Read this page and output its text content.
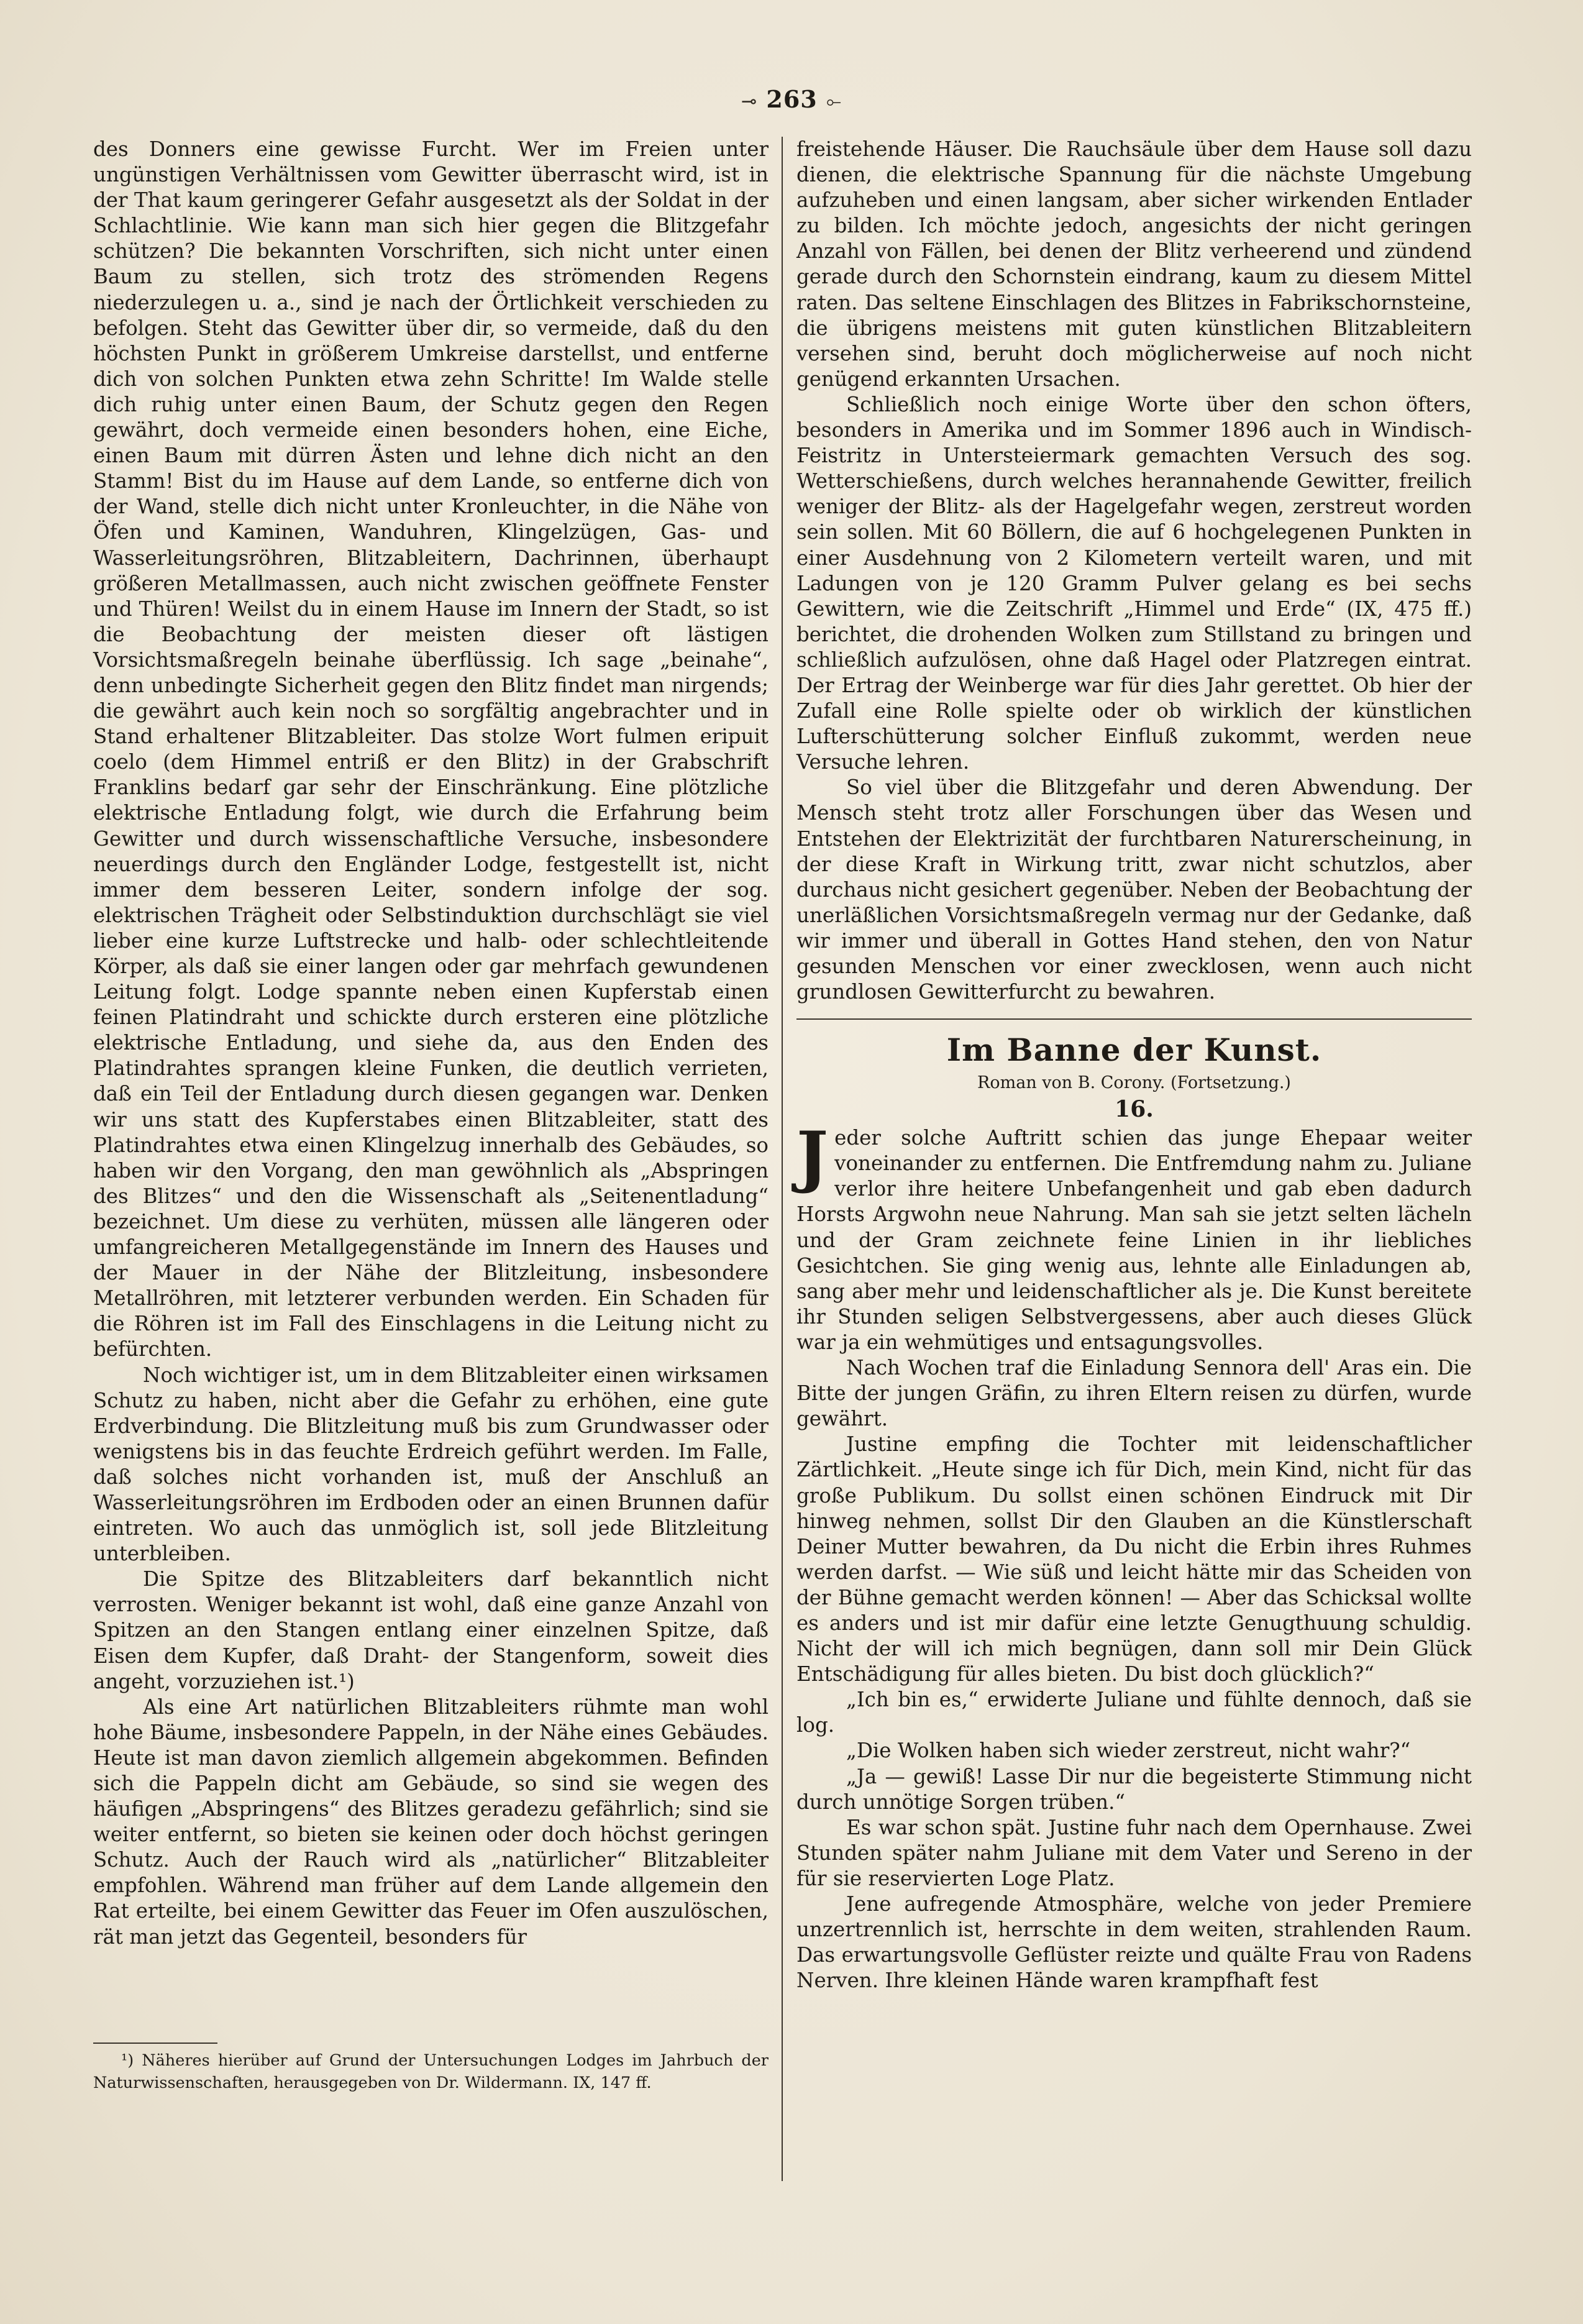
⊸ 263 ⟜

des Donners eine gewisse Furcht. Wer im Freien unter ungünstigen Verhältnissen vom Gewitter überrascht wird, ist in der That kaum geringerer Gefahr ausgesetzt als der Soldat in der Schlachtlinie. Wie kann man sich hier gegen die Blitzgefahr schützen? Die bekannten Vorschriften, sich nicht unter einen Baum zu stellen, sich trotz des strömenden Regens niederzulegen u. a., sind je nach der Örtlichkeit verschieden zu befolgen. Steht das Gewitter über dir, so vermeide, daß du den höchsten Punkt in größerem Umkreise darstellst, und entferne dich von solchen Punkten etwa zehn Schritte! Im Walde stelle dich ruhig unter einen Baum, der Schutz gegen den Regen gewährt, doch vermeide einen besonders hohen, eine Eiche, einen Baum mit dürren Ästen und lehne dich nicht an den Stamm! Bist du im Hause auf dem Lande, so entferne dich von der Wand, stelle dich nicht unter Kronleuchter, in die Nähe von Öfen und Kaminen, Wanduhren, Klingelzügen, Gas- und Wasserleitungsröhren, Blitzableitern, Dachrinnen, überhaupt größeren Metallmassen, auch nicht zwischen geöffnete Fenster und Thüren! Weilst du in einem Hause im Innern der Stadt, so ist die Beobachtung der meisten dieser oft lästigen Vorsichtsmaßregeln beinahe überflüssig. Ich sage „beinahe“, denn unbedingte Sicherheit gegen den Blitz findet man nirgends; die gewährt auch kein noch so sorgfältig angebrachter und in Stand erhaltener Blitzableiter. Das stolze Wort fulmen eripuit coelo (dem Himmel entriß er den Blitz) in der Grabschrift Franklins bedarf gar sehr der Einschränkung. Eine plötzliche elektrische Entladung folgt, wie durch die Erfahrung beim Gewitter und durch wissenschaftliche Versuche, insbesondere neuerdings durch den Engländer Lodge, festgestellt ist, nicht immer dem besseren Leiter, sondern infolge der sog. elektrischen Trägheit oder Selbstinduktion durchschlägt sie viel lieber eine kurze Luftstrecke und halb- oder schlechtleitende Körper, als daß sie einer langen oder gar mehrfach gewundenen Leitung folgt. Lodge spannte neben einen Kupferstab einen feinen Platindraht und schickte durch ersteren eine plötzliche elektrische Entladung, und siehe da, aus den Enden des Platindrahtes sprangen kleine Funken, die deutlich verrieten, daß ein Teil der Entladung durch diesen gegangen war. Denken wir uns statt des Kupferstabes einen Blitzableiter, statt des Platindrahtes etwa einen Klingelzug innerhalb des Gebäudes, so haben wir den Vorgang, den man gewöhnlich als „Abspringen des Blitzes“ und den die Wissenschaft als „Seitenentladung“ bezeichnet. Um diese zu verhüten, müssen alle längeren oder umfangreicheren Metallgegenstände im Innern des Hauses und der Mauer in der Nähe der Blitzleitung, insbesondere Metallröhren, mit letzterer verbunden werden. Ein Schaden für die Röhren ist im Fall des Einschlagens in die Leitung nicht zu befürchten.

Noch wichtiger ist, um in dem Blitzableiter einen wirksamen Schutz zu haben, nicht aber die Gefahr zu erhöhen, eine gute Erdverbindung. Die Blitzleitung muß bis zum Grundwasser oder wenigstens bis in das feuchte Erdreich geführt werden. Im Falle, daß solches nicht vorhanden ist, muß der Anschluß an Wasserleitungsröhren im Erdboden oder an einen Brunnen dafür eintreten. Wo auch das unmöglich ist, soll jede Blitzleitung unterbleiben.

Die Spitze des Blitzableiters darf bekanntlich nicht verrosten. Weniger bekannt ist wohl, daß eine ganze Anzahl von Spitzen an den Stangen entlang einer einzelnen Spitze, daß Eisen dem Kupfer, daß Draht- der Stangenform, soweit dies angeht, vorzuziehen ist.¹)

Als eine Art natürlichen Blitzableiters rühmte man wohl hohe Bäume, insbesondere Pappeln, in der Nähe eines Gebäudes. Heute ist man davon ziemlich allgemein abgekommen. Befinden sich die Pappeln dicht am Gebäude, so sind sie wegen des häufigen „Abspringens“ des Blitzes geradezu gefährlich; sind sie weiter entfernt, so bieten sie keinen oder doch höchst geringen Schutz. Auch der Rauch wird als „natürlicher“ Blitzableiter empfohlen. Während man früher auf dem Lande allgemein den Rat erteilte, bei einem Gewitter das Feuer im Ofen auszulöschen, rät man jetzt das Gegenteil, besonders für

¹) Näheres hierüber auf Grund der Untersuchungen Lodges im Jahrbuch der Naturwissenschaften, herausgegeben von Dr. Wildermann. IX, 147 ff.

freistehende Häuser. Die Rauchsäule über dem Hause soll dazu dienen, die elektrische Spannung für die nächste Umgebung aufzuheben und einen langsam, aber sicher wirkenden Entlader zu bilden. Ich möchte jedoch, angesichts der nicht geringen Anzahl von Fällen, bei denen der Blitz verheerend und zündend gerade durch den Schornstein eindrang, kaum zu diesem Mittel raten. Das seltene Einschlagen des Blitzes in Fabrikschornsteine, die übrigens meistens mit guten künstlichen Blitzableitern versehen sind, beruht doch möglicherweise auf noch nicht genügend erkannten Ursachen.

Schließlich noch einige Worte über den schon öfters, besonders in Amerika und im Sommer 1896 auch in Windisch-Feistritz in Untersteiermark gemachten Versuch des sog. Wetterschießens, durch welches herannahende Gewitter, freilich weniger der Blitz- als der Hagelgefahr wegen, zerstreut worden sein sollen. Mit 60 Böllern, die auf 6 hochgelegenen Punkten in einer Ausdehnung von 2 Kilometern verteilt waren, und mit Ladungen von je 120 Gramm Pulver gelang es bei sechs Gewittern, wie die Zeitschrift „Himmel und Erde“ (IX, 475 ff.) berichtet, die drohenden Wolken zum Stillstand zu bringen und schließlich aufzulösen, ohne daß Hagel oder Platzregen eintrat. Der Ertrag der Weinberge war für dies Jahr gerettet. Ob hier der Zufall eine Rolle spielte oder ob wirklich der künstlichen Lufterschütterung solcher Einfluß zukommt, werden neue Versuche lehren.

So viel über die Blitzgefahr und deren Abwendung. Der Mensch steht trotz aller Forschungen über das Wesen und Entstehen der Elektrizität der furchtbaren Naturerscheinung, in der diese Kraft in Wirkung tritt, zwar nicht schutzlos, aber durchaus nicht gesichert gegenüber. Neben der Beobachtung der unerläßlichen Vorsichtsmaßregeln vermag nur der Gedanke, daß wir immer und überall in Gottes Hand stehen, den von Natur gesunden Menschen vor einer zwecklosen, wenn auch nicht grundlosen Gewitterfurcht zu bewahren.

Im Banne der Kunst.

Roman von B. Corony. (Fortsetzung.)

16.

Jeder solche Auftritt schien das junge Ehepaar weiter voneinander zu entfernen. Die Entfremdung nahm zu. Juliane verlor ihre heitere Unbefangenheit und gab eben dadurch Horsts Argwohn neue Nahrung. Man sah sie jetzt selten lächeln und der Gram zeichnete feine Linien in ihr liebliches Gesichtchen. Sie ging wenig aus, lehnte alle Einladungen ab, sang aber mehr und leidenschaftlicher als je. Die Kunst bereitete ihr Stunden seligen Selbstvergessens, aber auch dieses Glück war ja ein wehmütiges und entsagungsvolles.

Nach Wochen traf die Einladung Sennora dell' Aras ein. Die Bitte der jungen Gräfin, zu ihren Eltern reisen zu dürfen, wurde gewährt.

Justine empfing die Tochter mit leidenschaftlicher Zärtlichkeit. „Heute singe ich für Dich, mein Kind, nicht für das große Publikum. Du sollst einen schönen Eindruck mit Dir hinweg nehmen, sollst Dir den Glauben an die Künstlerschaft Deiner Mutter bewahren, da Du nicht die Erbin ihres Ruhmes werden darfst. — Wie süß und leicht hätte mir das Scheiden von der Bühne gemacht werden können! — Aber das Schicksal wollte es anders und ist mir dafür eine letzte Genugthuung schuldig. Nicht der will ich mich begnügen, dann soll mir Dein Glück Entschädigung für alles bieten. Du bist doch glücklich?“

„Ich bin es,“ erwiderte Juliane und fühlte dennoch, daß sie log.

„Die Wolken haben sich wieder zerstreut, nicht wahr?“

„Ja — gewiß! Lasse Dir nur die begeisterte Stimmung nicht durch unnötige Sorgen trüben.“

Es war schon spät. Justine fuhr nach dem Opernhause. Zwei Stunden später nahm Juliane mit dem Vater und Sereno in der für sie reservierten Loge Platz.

Jene aufregende Atmosphäre, welche von jeder Premiere unzertrennlich ist, herrschte in dem weiten, strahlenden Raum. Das erwartungsvolle Geflüster reizte und quälte Frau von Radens Nerven. Ihre kleinen Hände waren krampfhaft fest
